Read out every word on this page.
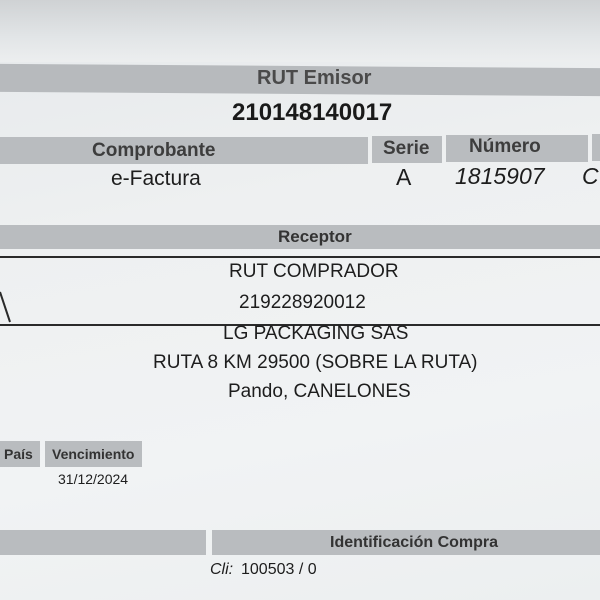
RUT Emisor
210148140017
Comprobante	Serie Número
e-Factura	A 1815907 C
Receptor
RUT COMPRADOR
219228920012
LG PACKAGING SAS
RUTA 8 KM 29500 (SOBRE LA RUTA)
Pando, CANELONES
País Vencimiento
31/12/2024
Identificación Compra
Cli: 100503 / 0
